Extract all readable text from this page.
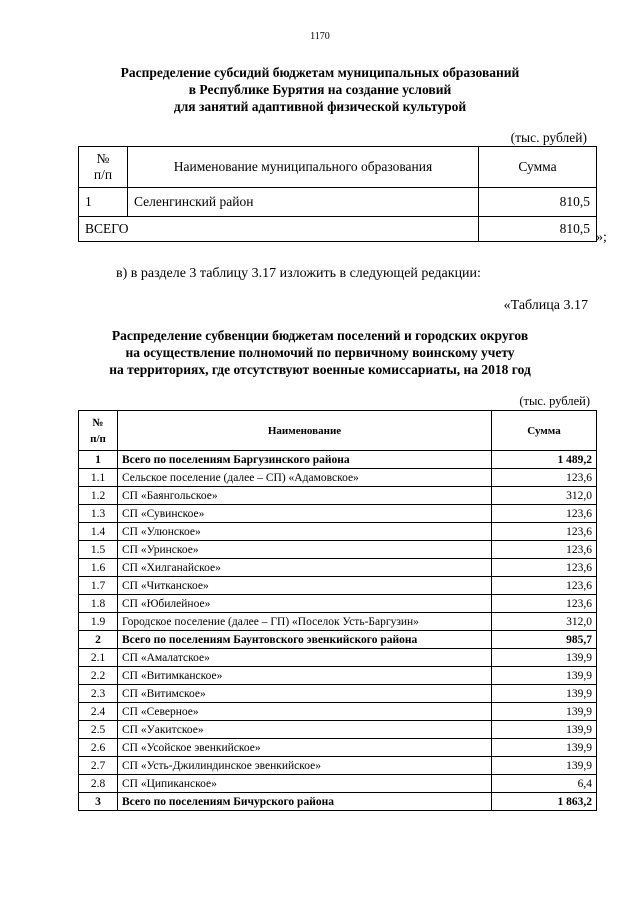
1170
Распределение субсидий бюджетам муниципальных образований
в Республике Бурятия на создание условий
для занятий адаптивной физической культурой
(тыс. рублей)
№
п/п	Наименование муниципального образования	Сумма
1	Селенгинский район	810,5
ВСЕГО		810,5
»;
в) в разделе 3 таблицу 3.17 изложить в следующей редакции:
«Таблица 3.17
Распределение субвенции бюджетам поселений и городских округов
на осуществление полномочий по первичному воинскому учету
на территориях, где отсутствуют военные комиссариаты, на 2018 год
(тыс. рублей)
№
п/п	Наименование	Сумма
1	Всего по поселениям Баргузинского района	1 489,2
1.1	Сельское поселение (далее – СП) «Адамовское»	123,6
1.2	СП «Баянгольское»	312,0
1.3	СП «Сувинское»	123,6
1.4	СП «Улюнское»	123,6
1.5	СП «Уринское»	123,6
1.6	СП «Хилганайское»	123,6
1.7	СП «Читканское»	123,6
1.8	СП «Юбилейное»	123,6
1.9	Городское поселение (далее – ГП) «Поселок Усть-Баргузин»	312,0
2	Всего по поселениям Баунтовского эвенкийского района	985,7
2.1	СП «Амалатское»	139,9
2.2	СП «Витимканское»	139,9
2.3	СП «Витимское»	139,9
2.4	СП «Северное»	139,9
2.5	СП «Уакитское»	139,9
2.6	СП «Усойское эвенкийское»	139,9
2.7	СП «Усть-Джилиндинское эвенкийское»	139,9
2.8	СП «Ципиканское»	6,4
3	Всего по поселениям Бичурского района	1 863,2
